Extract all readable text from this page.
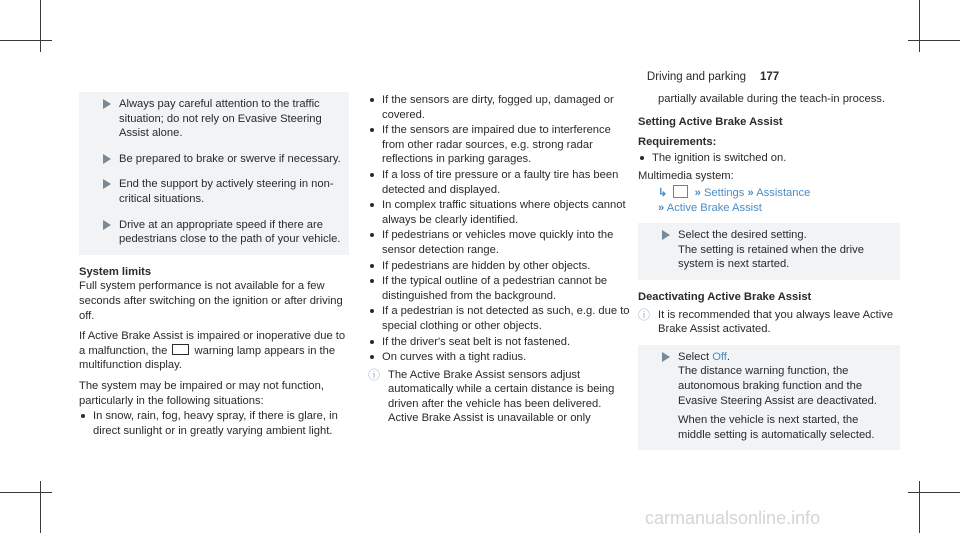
Driving and parking 177
Always pay careful attention to the traffic situation; do not rely on Evasive Steering Assist alone.
Be prepared to brake or swerve if necessary.
End the support by actively steering in non-critical situations.
Drive at an appropriate speed if there are pedestrians close to the path of your vehicle.
System limits
Full system performance is not available for a few seconds after switching on the ignition or after driving off.
If Active Brake Assist is impaired or inoperative due to a malfunction, the warning lamp appears in the multifunction display.
The system may be impaired or may not function, particularly in the following situations:
In snow, rain, fog, heavy spray, if there is glare, in direct sunlight or in greatly varying ambient light.
If the sensors are dirty, fogged up, damaged or covered.
If the sensors are impaired due to interference from other radar sources, e.g. strong radar reflections in parking garages.
If a loss of tire pressure or a faulty tire has been detected and displayed.
In complex traffic situations where objects cannot always be clearly identified.
If pedestrians or vehicles move quickly into the sensor detection range.
If pedestrians are hidden by other objects.
If the typical outline of a pedestrian cannot be distinguished from the background.
If a pedestrian is not detected as such, e.g. due to special clothing or other objects.
If the driver's seat belt is not fastened.
On curves with a tight radius.
ⓘ The Active Brake Assist sensors adjust automatically while a certain distance is being driven after the vehicle has been delivered. Active Brake Assist is unavailable or only
partially available during the teach-in process.
Setting Active Brake Assist
Requirements:
The ignition is switched on.
Multimedia system:
↳ » Settings » Assistance
» Active Brake Assist
Select the desired setting.
The setting is retained when the drive system is next started.
Deactivating Active Brake Assist
ⓘ It is recommended that you always leave Active Brake Assist activated.
Select Off.
The distance warning function, the autonomous braking function and the Evasive Steering Assist are deactivated.
When the vehicle is next started, the middle setting is automatically selected.
carmanualsonline.info
